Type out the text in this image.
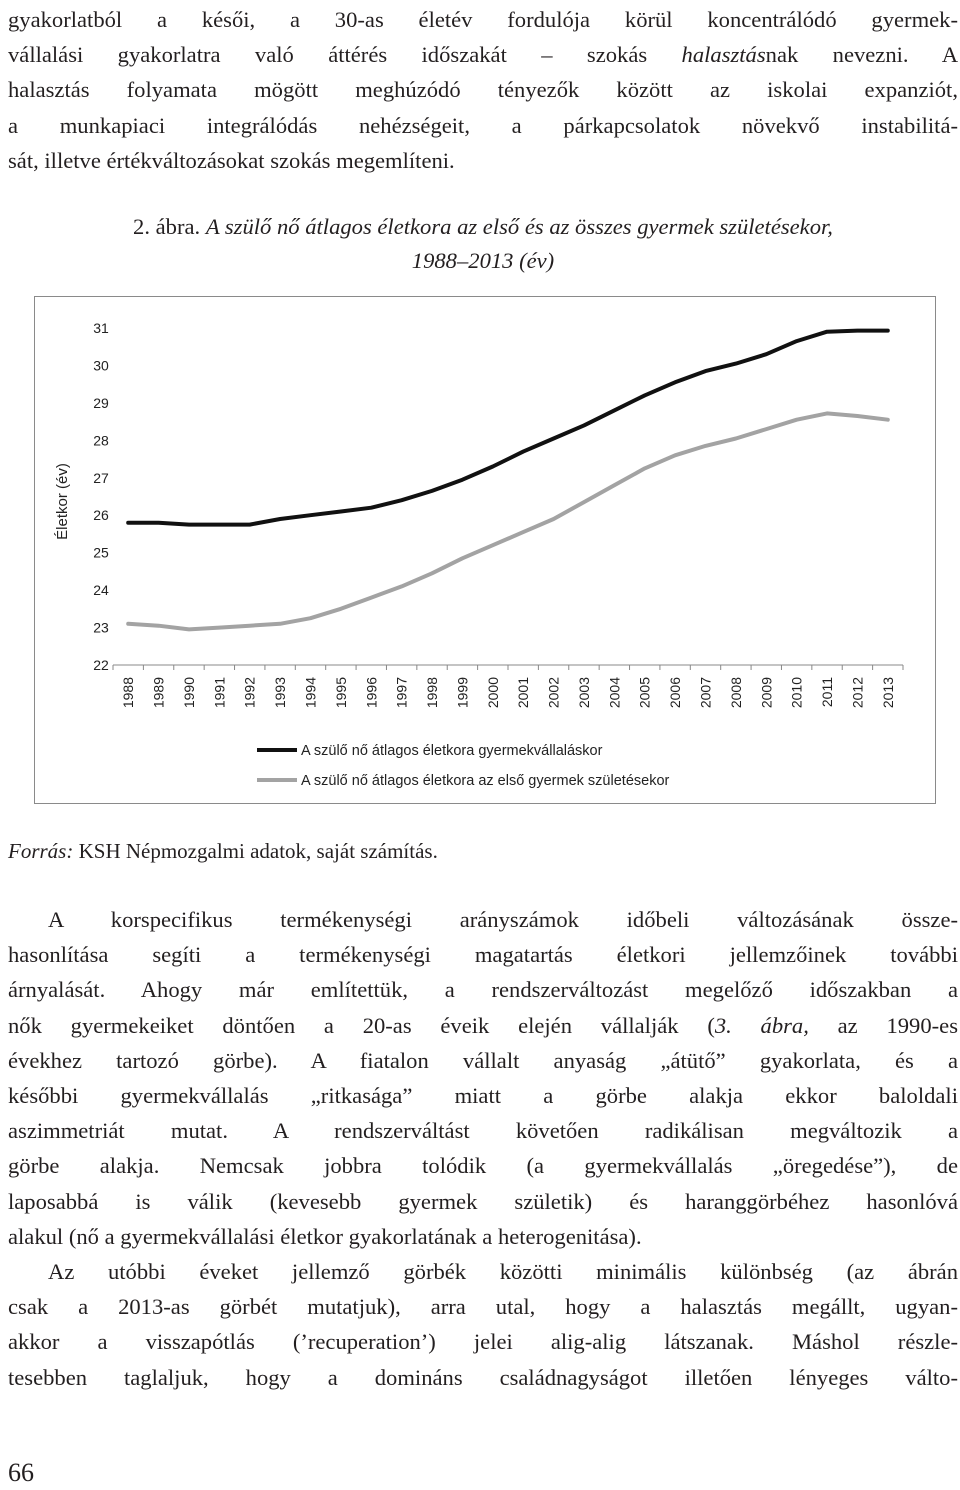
gyakorlatból a késői, a 30-as életév fordulója körül koncentrálódó gyermek-
vállalási gyakorlatra való áttérés időszakát – szokás halasztásnak nevezni. A
halasztás folyamata mögött meghúzódó tényezők között az iskolai expanziót,
a munkapiaci integrálódás nehézségeit, a párkapcsolatok növekvő instabilitá-
sát, illetve értékváltozásokat szokás megemlíteni.
2. ábra. A szülő nő átlagos életkora az első és az összes gyermek születésekor,
1988–2013 (év)
Életkor (év)
22
23
24
25
26
27
28
29
30
31
1988 1989 1990 1991 1992 1993 1994 1995 1996 1997 1998 1999 2000 2001 2002 2003 2004 2005 2006 2007 2008 2009 2010 2011 2012 2013
A szülő nő átlagos életkora gyermekvállaláskor
A szülő nő átlagos életkora az első gyermek születésekor
Forrás: KSH Népmozgalmi adatok, saját számítás.
A korspecifikus termékenységi arányszámok időbeli változásának össze-
hasonlítása segíti a termékenységi magatartás életkori jellemzőinek további
árnyalását. Ahogy már említettük, a rendszerváltozást megelőző időszakban a
nők gyermekeiket döntően a 20-as éveik elején vállalják (3. ábra, az 1990-es
évekhez tartozó görbe). A fiatalon vállalt anyaság „átütő” gyakorlata, és a
későbbi gyermekvállalás „ritkasága” miatt a görbe alakja ekkor baloldali
aszimmetriát mutat. A rendszerváltást követően radikálisan megváltozik a
görbe alakja. Nemcsak jobbra tolódik (a gyermekvállalás „öregedése”), de
laposabbá is válik (kevesebb gyermek születik) és haranggörbéhez hasonlóvá
alakul (nő a gyermekvállalási életkor gyakorlatának a heterogenitása).
Az utóbbi éveket jellemző görbék közötti minimális különbség (az ábrán
csak a 2013-as görbét mutatjuk), arra utal, hogy a halasztás megállt, ugyan-
akkor a visszapótlás (’recuperation’) jelei alig-alig látszanak. Máshol részle-
tesebben taglaljuk, hogy a domináns családnagyságot illetően lényeges válto-
66
